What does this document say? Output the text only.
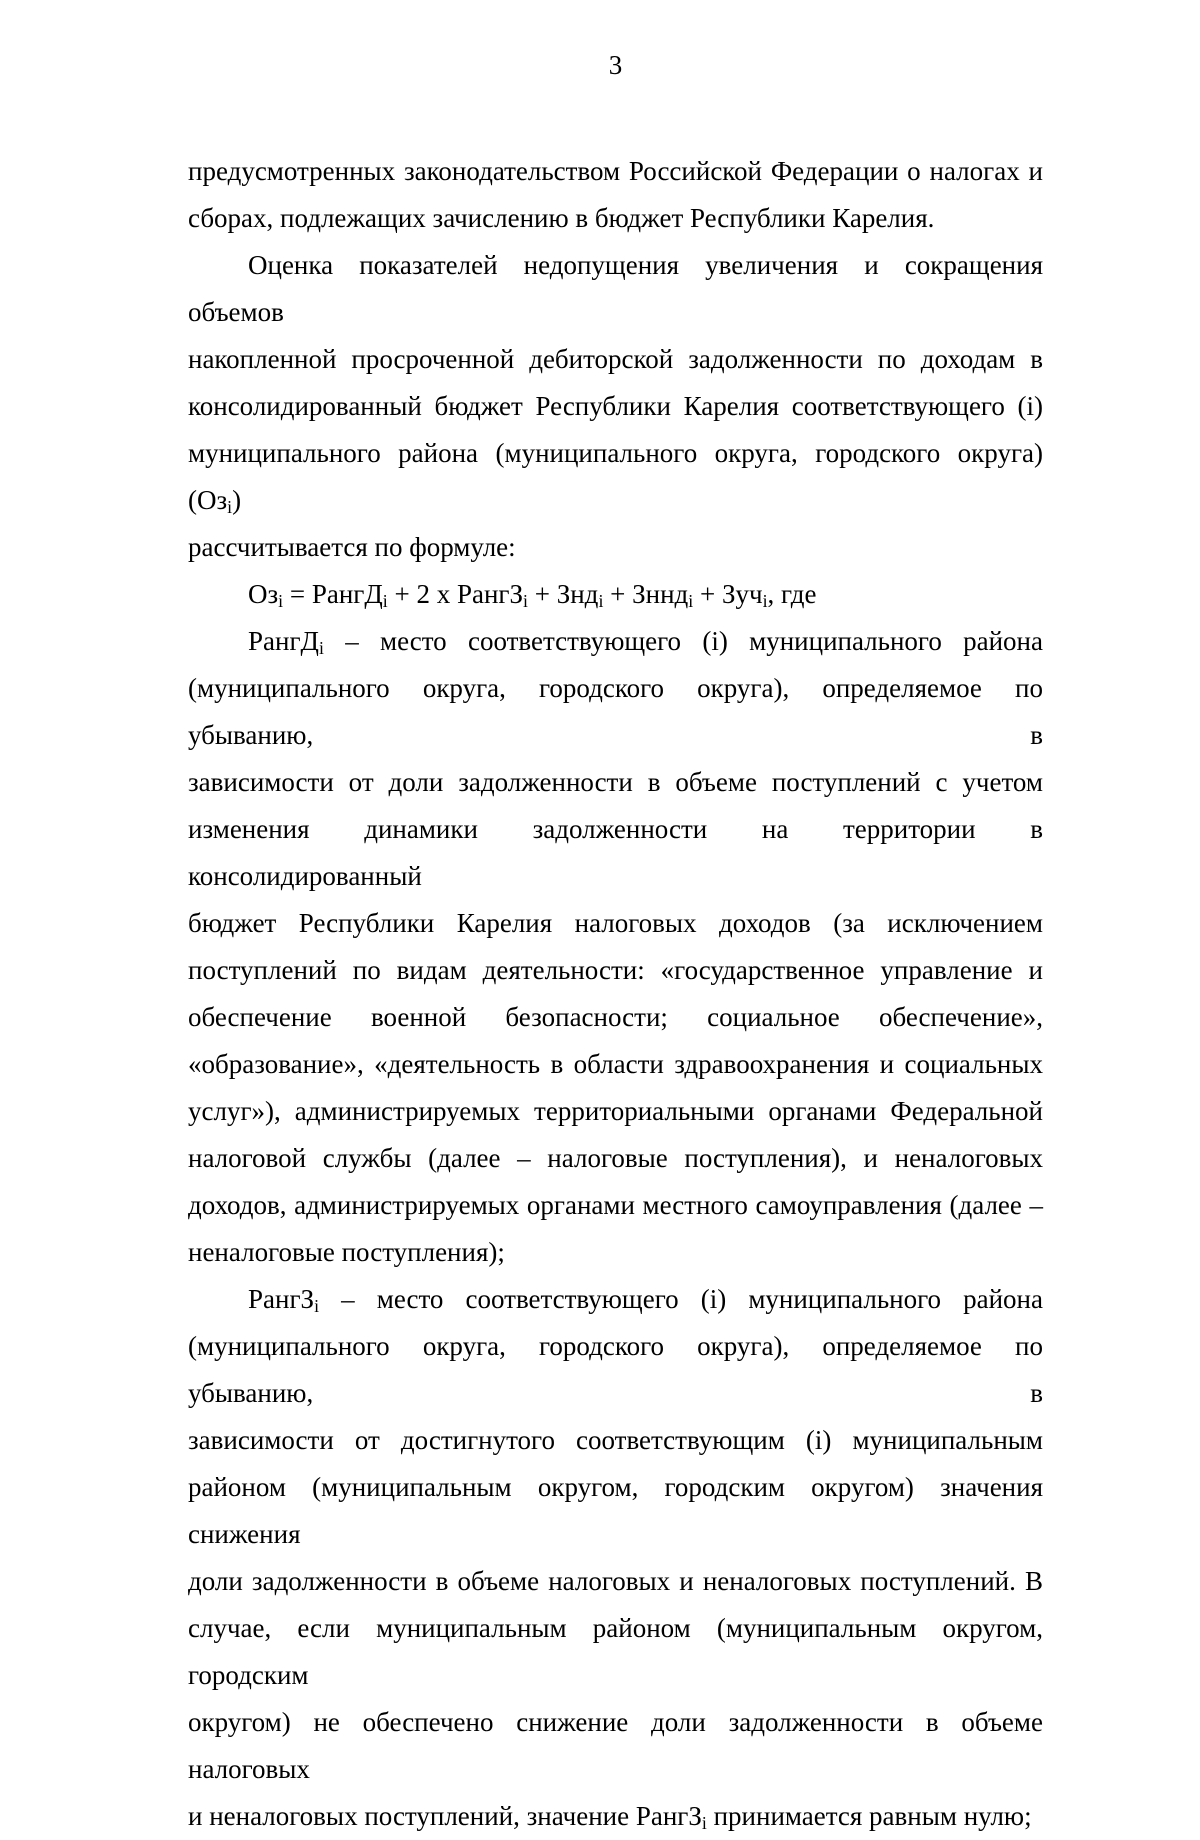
3
предусмотренных законодательством Российской Федерации о налогах и
сборах, подлежащих зачислению в бюджет Республики Карелия.
Оценка показателей недопущения увеличения и сокращения объемов
накопленной просроченной дебиторской задолженности по доходам в
консолидированный бюджет Республики Карелия соответствующего (i)
муниципального района (муниципального округа, городского округа) $(Оз_i)$
рассчитывается по формуле:
$Оз_i$ = РангД$_i$ + 2 х РангЗ$_i$ + Знд$_i$ + Зннд$_i$ + Зуч$_i$, где
РангД$_i$ – место соответствующего (i) муниципального района
(муниципального округа, городского округа), определяемое по убыванию, в
зависимости от доли задолженности в объеме поступлений с учетом
изменения динамики задолженности на территории в консолидированный
бюджет Республики Карелия налоговых доходов (за исключением
поступлений по видам деятельности: «государственное управление и
обеспечение военной безопасности; социальное обеспечение»,
«образование», «деятельность в области здравоохранения и социальных
услуг»), администрируемых территориальными органами Федеральной
налоговой службы (далее – налоговые поступления), и неналоговых
доходов, администрируемых органами местного самоуправления (далее –
неналоговые поступления);
РангЗ$_i$ – место соответствующего (i) муниципального района
(муниципального округа, городского округа), определяемое по убыванию, в
зависимости от достигнутого соответствующим (i) муниципальным
районом (муниципальным округом, городским округом) значения снижения
доли задолженности в объеме налоговых и неналоговых поступлений. В
случае, если муниципальным районом (муниципальным округом, городским
округом) не обеспечено снижение доли задолженности в объеме налоговых
и неналоговых поступлений, значение РангЗ$_i$ принимается равным нулю;
